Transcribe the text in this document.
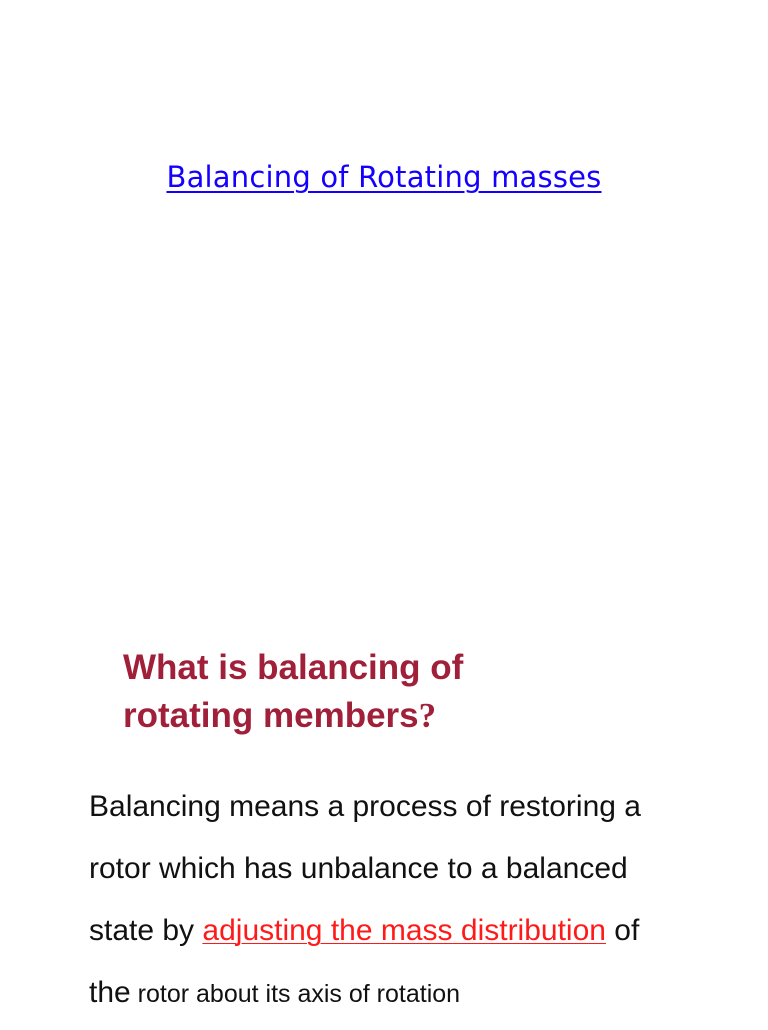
Balancing of Rotating masses
What is balancing of
rotating members?
Balancing means a process of restoring a
rotor which has unbalance to a balanced
state by adjusting the mass distribution of
the rotor about its axis of rotation
